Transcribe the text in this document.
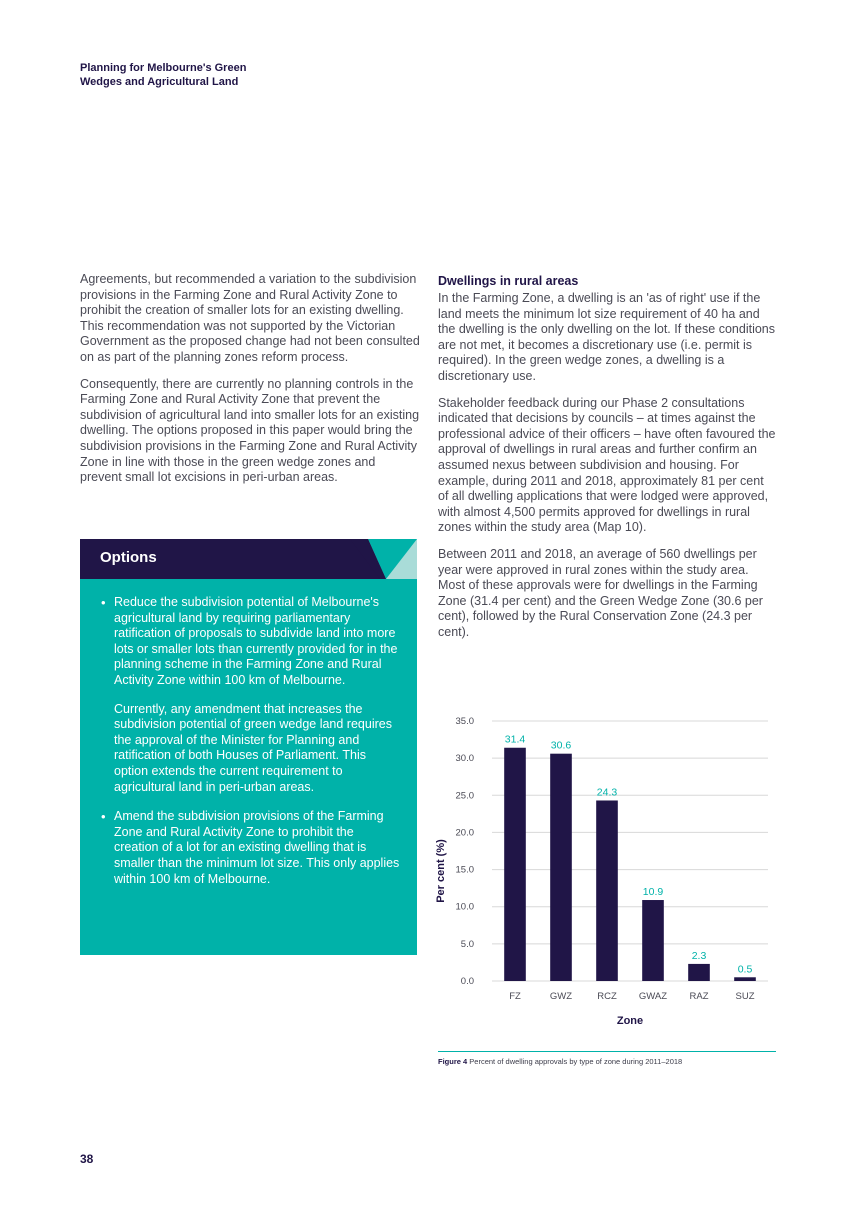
Planning for Melbourne's Green
Wedges and Agricultural Land

Agreements, but recommended a variation to the subdivision provisions in the Farming Zone and Rural Activity Zone to prohibit the creation of smaller lots for an existing dwelling. This recommendation was not supported by the Victorian Government as the proposed change had not been consulted on as part of the planning zones reform process.

Consequently, there are currently no planning controls in the Farming Zone and Rural Activity Zone that prevent the subdivision of agricultural land into smaller lots for an existing dwelling. The options proposed in this paper would bring the subdivision provisions in the Farming Zone and Rural Activity Zone in line with those in the green wedge zones and prevent small lot excisions in peri-urban areas.

Options
• Reduce the subdivision potential of Melbourne's agricultural land by requiring parliamentary ratification of proposals to subdivide land into more lots or smaller lots than currently provided for in the planning scheme in the Farming Zone and Rural Activity Zone within 100 km of Melbourne.

Currently, any amendment that increases the subdivision potential of green wedge land requires the approval of the Minister for Planning and ratification of both Houses of Parliament. This option extends the current requirement to agricultural land in peri-urban areas.

• Amend the subdivision provisions of the Farming Zone and Rural Activity Zone to prohibit the creation of a lot for an existing dwelling that is smaller than the minimum lot size. This only applies within 100 km of Melbourne.

Dwellings in rural areas

In the Farming Zone, a dwelling is an 'as of right' use if the land meets the minimum lot size requirement of 40 ha and the dwelling is the only dwelling on the lot. If these conditions are not met, it becomes a discretionary use (i.e. permit is required). In the green wedge zones, a dwelling is a discretionary use.

Stakeholder feedback during our Phase 2 consultations indicated that decisions by councils – at times against the professional advice of their officers – have often favoured the approval of dwellings in rural areas and further confirm an assumed nexus between subdivision and housing. For example, during 2011 and 2018, approximately 81 per cent of all dwelling applications that were lodged were approved, with almost 4,500 permits approved for dwellings in rural zones within the study area (Map 10).

Between 2011 and 2018, an average of 560 dwellings per year were approved in rural zones within the study area. Most of these approvals were for dwellings in the Farming Zone (31.4 per cent) and the Green Wedge Zone (30.6 per cent), followed by the Rural Conservation Zone (24.3 per cent).

0.0
5.0
10.0
15.0
20.0
25.0
30.0
35.0
31.4
FZ
30.6
GWZ
24.3
RCZ
10.9
GWAZ
2.3
RAZ
0.5
SUZ
Zone
Per cent (%)
Figure 4 Percent of dwelling approvals by type of zone during 2011–2018
38
